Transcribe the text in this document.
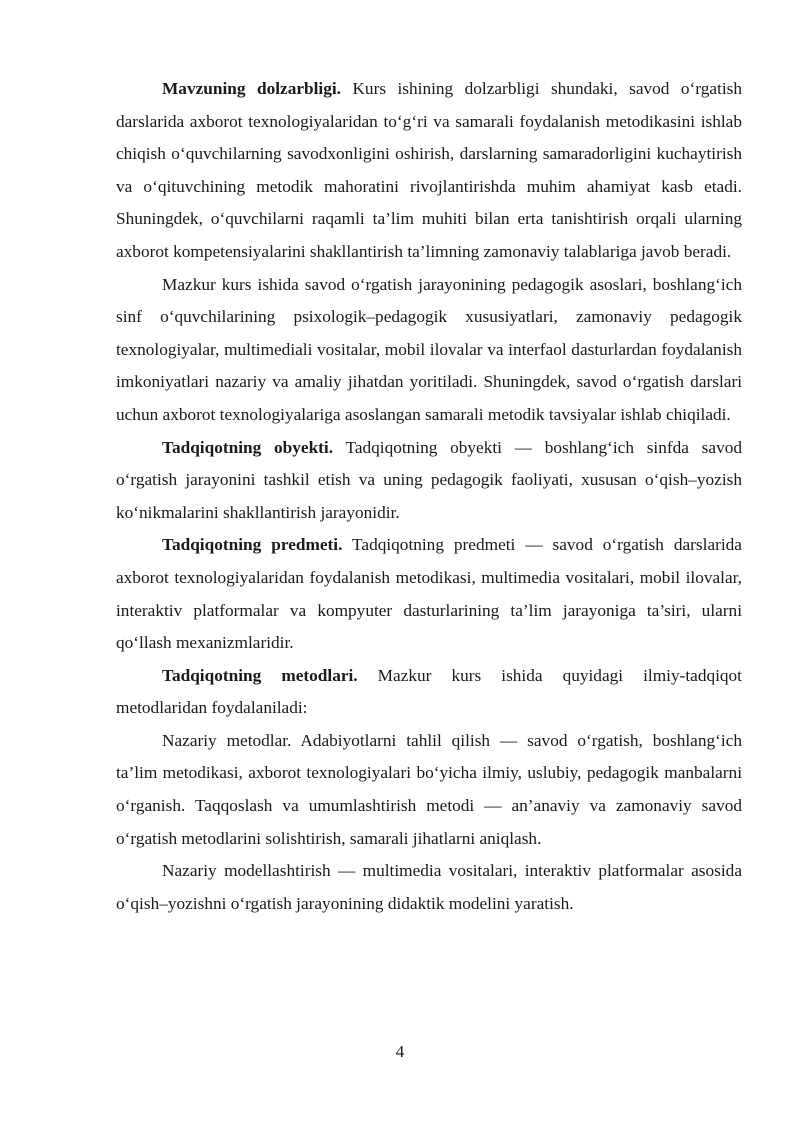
Mavzuning dolzarbligi. Kurs ishining dolzarbligi shundaki, savod o‘rgatish darslarida axborot texnologiyalaridan to‘g‘ri va samarali foydalanish metodikasini ishlab chiqish o‘quvchilarning savodxonligini oshirish, darslarning samaradorligini kuchaytirish va o‘qituvchining metodik mahoratini rivojlantirishda muhim ahamiyat kasb etadi. Shuningdek, o‘quvchilarni raqamli ta’lim muhiti bilan erta tanishtirish orqali ularning axborot kompetensiyalarini shakllantirish ta’limning zamonaviy talablariga javob beradi.

Mazkur kurs ishida savod o‘rgatish jarayonining pedagogik asoslari, boshlang‘ich sinf o‘quvchilarining psixologik–pedagogik xususiyatlari, zamonaviy pedagogik texnologiyalar, multimediali vositalar, mobil ilovalar va interfaol dasturlardan foydalanish imkoniyatlari nazariy va amaliy jihatdan yoritiladi. Shuningdek, savod o‘rgatish darslari uchun axborot texnologiyalariga asoslangan samarali metodik tavsiyalar ishlab chiqiladi.

Tadqiqotning obyekti. Tadqiqotning obyekti — boshlang‘ich sinfda savod o‘rgatish jarayonini tashkil etish va uning pedagogik faoliyati, xususan o‘qish–yozish ko‘nikmalarini shakllantirish jarayonidir.

Tadqiqotning predmeti. Tadqiqotning predmeti — savod o‘rgatish darslarida axborot texnologiyalaridan foydalanish metodikasi, multimedia vositalari, mobil ilovalar, interaktiv platformalar va kompyuter dasturlarining ta’lim jarayoniga ta’siri, ularni qo‘llash mexanizmlaridir.

Tadqiqotning metodlari. Mazkur kurs ishida quyidagi ilmiy-tadqiqot metodlaridan foydalaniladi:

Nazariy metodlar. Adabiyotlarni tahlil qilish — savod o‘rgatish, boshlang‘ich ta’lim metodikasi, axborot texnologiyalari bo‘yicha ilmiy, uslubiy, pedagogik manbalarni o‘rganish. Taqqoslash va umumlashtirish metodi — an’anaviy va zamonaviy savod o‘rgatish metodlarini solishtirish, samarali jihatlarni aniqlash.

Nazariy modellashtirish — multimedia vositalari, interaktiv platformalar asosida o‘qish–yozishni o‘rgatish jarayonining didaktik modelini yaratish.

4
